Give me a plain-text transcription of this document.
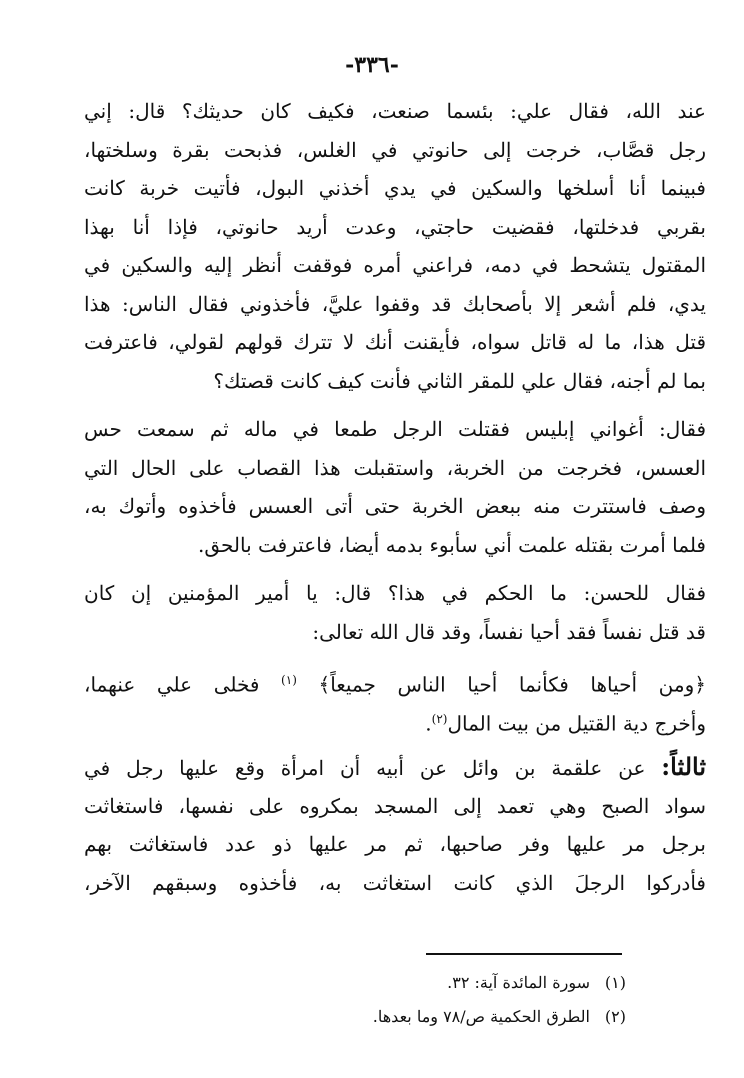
-٣٣٦-
عند الله، فقال علي: بئسما صنعت، فكيف كان حديثك؟ قال: إني
رجل قصَّاب، خرجت إلى حانوتي في الغلس، فذبحت بقرة وسلختها،
فبينما أنا أسلخها والسكين في يدي أخذني البول، فأتيت خربة كانت
بقربي فدخلتها، فقضيت حاجتي، وعدت أريد حانوتي، فإذا أنا بهذا
المقتول يتشحط في دمه، فراعني أمره فوقفت أنظر إليه والسكين في
يدي، فلم أشعر إلا بأصحابك قد وقفوا عليَّ، فأخذوني فقال الناس: هذا
قتل هذا، ما له قاتل سواه، فأيقنت أنك لا تترك قولهم لقولي، فاعترفت
بما لم أجنه، فقال علي للمقر الثاني فأنت كيف كانت قصتك؟
فقال: أغواني إبليس فقتلت الرجل طمعا في ماله ثم سمعت حس
العسس، فخرجت من الخربة، واستقبلت هذا القصاب على الحال التي
وصف فاستترت منه ببعض الخربة حتى أتى العسس فأخذوه وأتوك به،
فلما أمرت بقتله علمت أني سأبوء بدمه أيضا، فاعترفت بالحق.
فقال للحسن: ما الحكم في هذا؟ قال: يا أمير المؤمنين إن كان
قد قتل نفساً فقد أحيا نفساً، وقد قال الله تعالى:
﴿ومن أحياها فكأنما أحيا الناس جميعاً﴾ $^{(١)}$ فخلى علي عنهما،
وأخرج دية القتيل من بيت المال$^{(٢)}$.
ثالثاً: عن علقمة بن وائل عن أبيه أن امرأة وقع عليها رجل في
سواد الصبح وهي تعمد إلى المسجد بمكروه على نفسها، فاستغاثت
برجل مر عليها وفر صاحبها، ثم مر عليها ذو عدد فاستغاثت بهم
فأدركوا الرجلَ الذي كانت استغاثت به، فأخذوه وسبقهم الآخر،
(١)سورة المائدة آية: ٣٢.
(٢)الطرق الحكمية ص/٧٨ وما بعدها.
